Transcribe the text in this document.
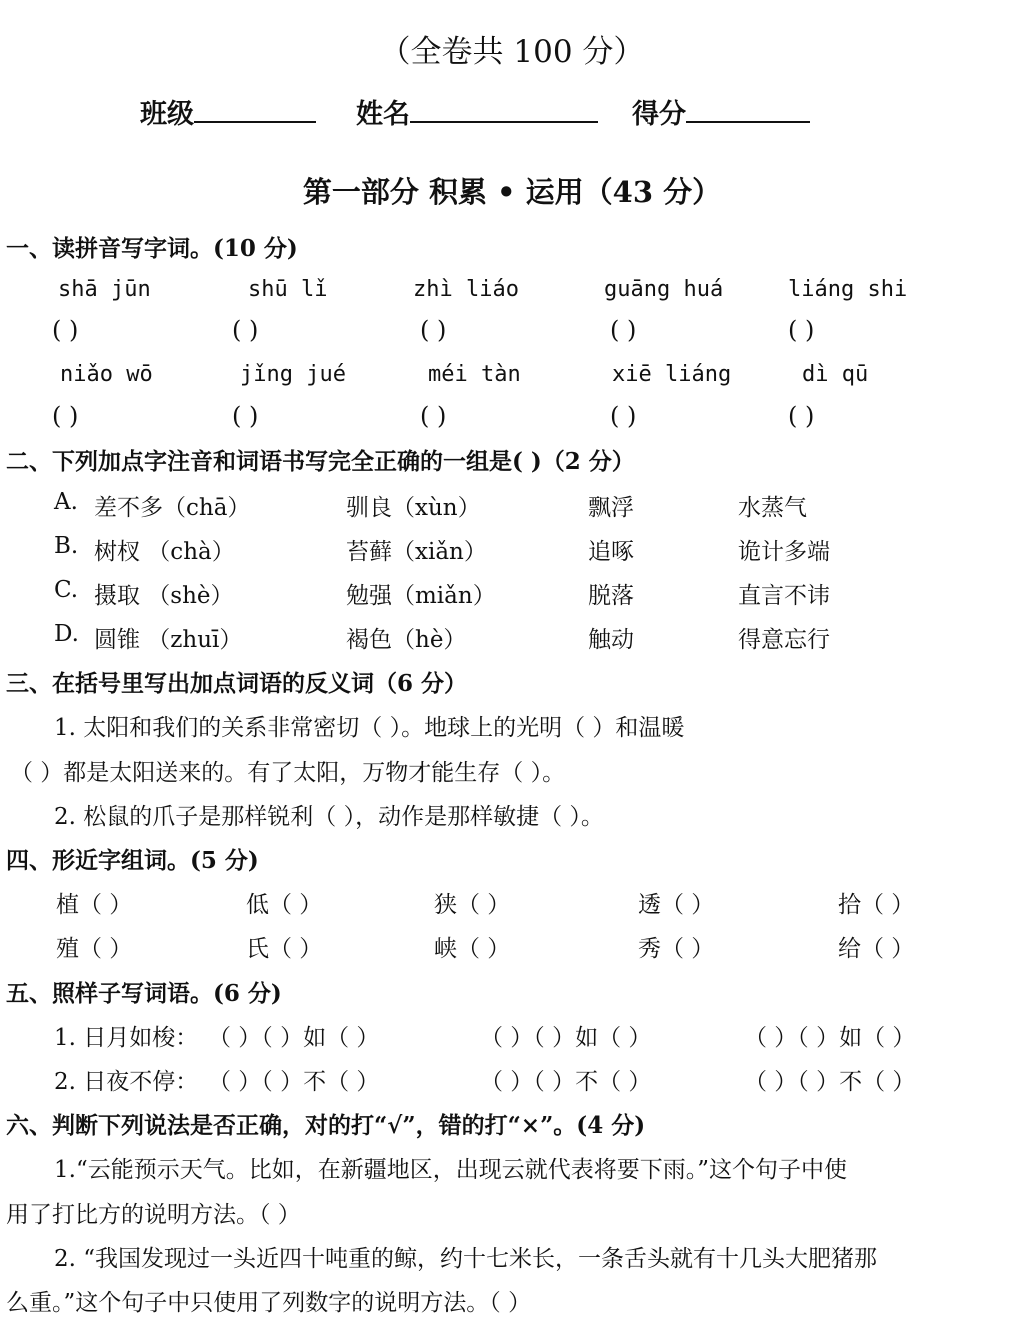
（全卷共 100 分）
班级	姓名	得分
第一部分 积累 • 运用（43 分）
一、读拼音写字词。(10 分)
shā jūn	shū lǐ	zhì liáo	guāng huá	liáng shi
( )	( )	( )	( )	( )
niǎo wō	jǐng jué	méi tàn	xiē liáng	dì qū
( )	( )	( )	( )	( )
二、下列加点字注音和词语书写完全正确的一组是( )（2 分）
A. 差不多（chā）	驯良（xùn）	飘浮	水蒸气
B. 树杈 （chà）	苔藓（xiǎn）	追啄	诡计多端
C. 摄取 （shè）	勉强（miǎn）	脱落	直言不讳
D. 圆锥 （zhuī）	褐色（hè）	触动	得意忘行
三、在括号里写出加点词语的反义词（6 分）
1. 太阳和我们的关系非常密切（ ）。地球上的光明（ ）和温暖
（ ）都是太阳送来的。有了太阳，万物才能生存（ ）。
2. 松鼠的爪子是那样锐利（ ），动作是那样敏捷（ ）。
四、形近字组词。(5 分)
植（ ）	低（ ）	狭（ ）	透（ ）	拾（ ）
殖（ ）	氏（ ）	峡（ ）	秀（ ）	给（ ）
五、照样子写词语。(6 分)
1. 日月如梭： （ ）（ ）如（ ）	（ ）（ ）如（ ）	（ ）（ ）如（ ）
2. 日夜不停： （ ）（ ）不（ ）	（ ）（ ）不（ ）	（ ）（ ）不（ ）
六、判断下列说法是否正确，对的打“√”，错的打“×”。(4 分)
1.“云能预示天气。比如，在新疆地区，出现云就代表将要下雨。”这个句子中使
用了打比方的说明方法。（ ）
2. “我国发现过一头近四十吨重的鲸，约十七米长，一条舌头就有十几头大肥猪那
么重。”这个句子中只使用了列数字的说明方法。（ ）
